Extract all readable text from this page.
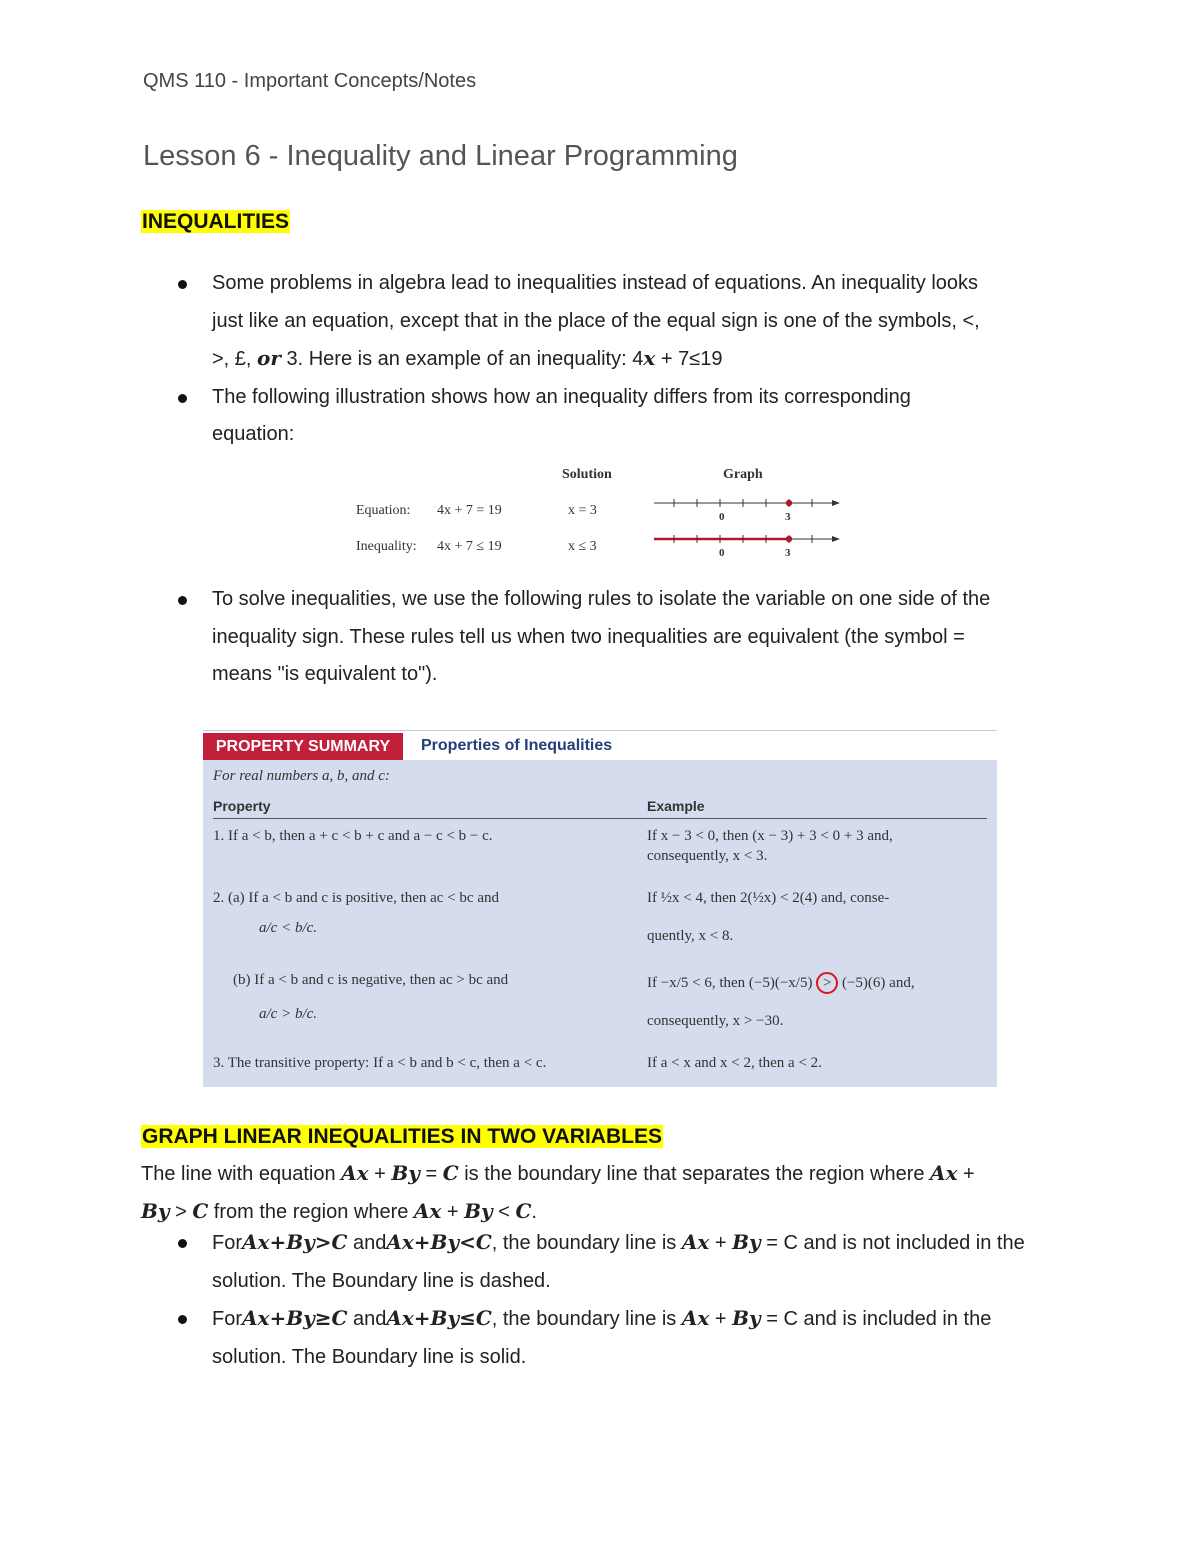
QMS 110 - Important Concepts/Notes
Lesson 6 - Inequality and Linear Programming
INEQUALITIES
Some problems in algebra lead to inequalities instead of equations. An inequality looks
just like an equation, except that in the place of the equal sign is one of the symbols, <,
>, £, or 3. Here is an example of an inequality: 4x + 7≤19
The following illustration shows how an inequality differs from its corresponding
equation:
Solution	Graph
Equation: 4x + 7 = 19	x = 3
Inequality: 4x + 7 ≤ 19	x ≤ 3
0	3
0	3
To solve inequalities, we use the following rules to isolate the variable on one side of the
inequality sign. These rules tell us when two inequalities are equivalent (the symbol =
means "is equivalent to").
PROPERTY SUMMARY	Properties of Inequalities
For real numbers a, b, and c:
Property	Example
1. If a < b, then a + c < b + c and a − c < b − c.	If x − 3 < 0, then (x − 3) + 3 < 0 + 3 and,
consequently, x < 3.
2. (a) If a < b and c is positive, then ac < bc and
a/c < b/c.
If ½x < 4, then 2(½x) < 2(4) and, conse-
quently, x < 8.
(b) If a < b and c is negative, then ac > bc and
a/c > b/c.
If −x/5 < 6, then (−5)(−x/5) > (−5)(6) and,
consequently, x > −30.
3. The transitive property: If a < b and b < c, then a < c.	If a < x and x < 2, then a < 2.
GRAPH LINEAR INEQUALITIES IN TWO VARIABLES
The line with equation Ax + By = C is the boundary line that separates the region where Ax +
By > C from the region where Ax + By < C.
ForAx+By>C andAx+By<C, the boundary line is Ax + By = C and is not included in the
solution. The Boundary line is dashed.
ForAx+By≥C andAx+By≤C, the boundary line is Ax + By = C and is included in the
solution. The Boundary line is solid.
